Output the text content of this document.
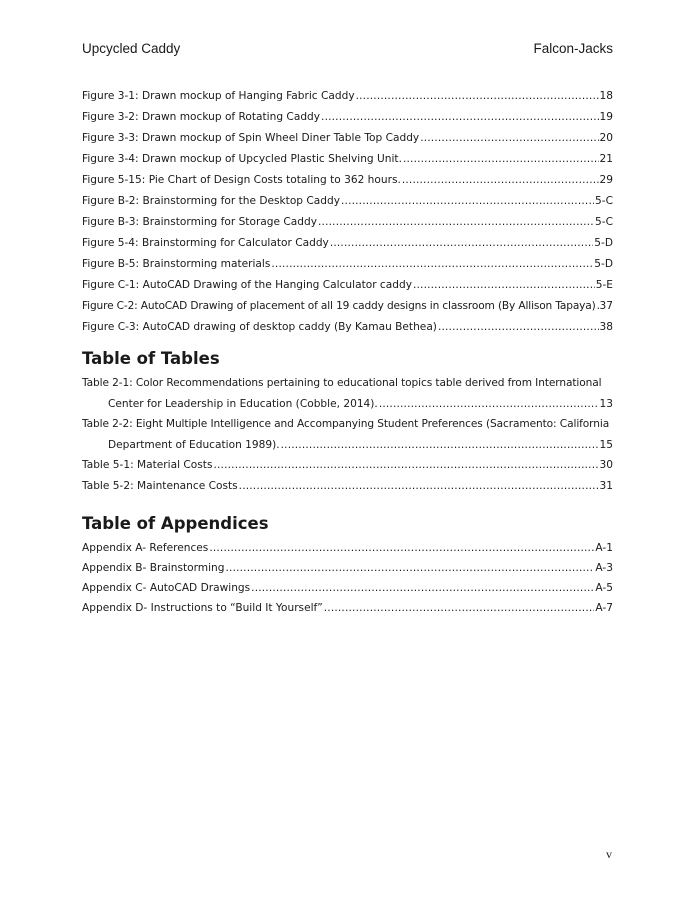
Upcycled Caddy	Falcon-Jacks
Figure 3-1: Drawn mockup of Hanging Fabric Caddy . . .	18
Figure 3-2: Drawn mockup of Rotating Caddy . . .	19
Figure 3-3: Drawn mockup of Spin Wheel Diner Table Top Caddy . . .	20
Figure 3-4: Drawn mockup of Upcycled Plastic Shelving Unit. . . .	21
Figure 5-15: Pie Chart of Design Costs totaling to 362 hours. . . .	29
Figure B-2: Brainstorming for the Desktop Caddy . . .	5-C
Figure B-3: Brainstorming for Storage Caddy . . .	5-C
Figure 5-4: Brainstorming for Calculator Caddy . . .	5-D
Figure B-5: Brainstorming materials . . .	5-D
Figure C-1: AutoCAD Drawing of the Hanging Calculator caddy . . .	5-E
Figure C-2: AutoCAD Drawing of placement of all 19 caddy designs in classroom (By Allison Tapaya) . . . 37
Figure C-3: AutoCAD drawing of desktop caddy (By Kamau Bethea) . . .	38
Table of Tables
Table 2-1: Color Recommendations pertaining to educational topics table derived from International
Center for Leadership in Education (Cobble, 2014). . . .	13
Table 2-2: Eight Multiple Intelligence and Accompanying Student Preferences (Sacramento: California
Department of Education 1989). . . .	15
Table 5-1: Material Costs . . .	30
Table 5-2: Maintenance Costs . . .	31
Table of Appendices
Appendix A- References . . .	A-1
Appendix B- Brainstorming . . .	A-3
Appendix C- AutoCAD Drawings . . .	A-5
Appendix D- Instructions to “Build It Yourself” . . .	A-7
v
